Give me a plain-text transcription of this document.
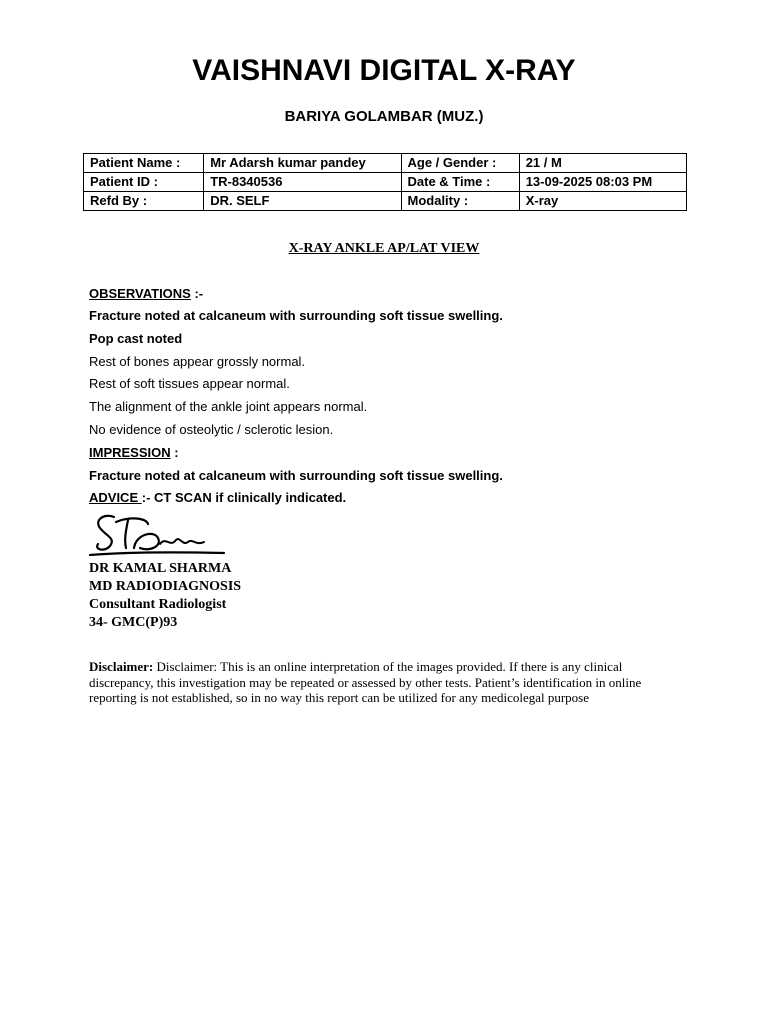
VAISHNAVI DIGITAL X-RAY
BARIYA GOLAMBAR (MUZ.)
Patient Name :	Mr Adarsh kumar pandey	Age / Gender :	21 / M
Patient ID :	TR-8340536	Date & Time :	13-09-2025 08:03 PM
Refd By :	DR. SELF	Modality :	X-ray
X-RAY ANKLE AP/LAT VIEW
OBSERVATIONS :-
Fracture noted at calcaneum with surrounding soft tissue swelling.
Pop cast noted
Rest of bones appear grossly normal.
Rest of soft tissues appear normal.
The alignment of the ankle joint appears normal.
No evidence of osteolytic / sclerotic lesion.
IMPRESSION :
Fracture noted at calcaneum with surrounding soft tissue swelling.
ADVICE :- CT SCAN if clinically indicated.
DR KAMAL SHARMA
MD RADIODIAGNOSIS
Consultant Radiologist
34- GMC(P)93
Disclaimer: Disclaimer: This is an online interpretation of the images provided. If there is any clinical discrepancy, this investigation may be repeated or assessed by other tests. Patient’s identification in online reporting is not established, so in no way this report can be utilized for any medicolegal purpose
